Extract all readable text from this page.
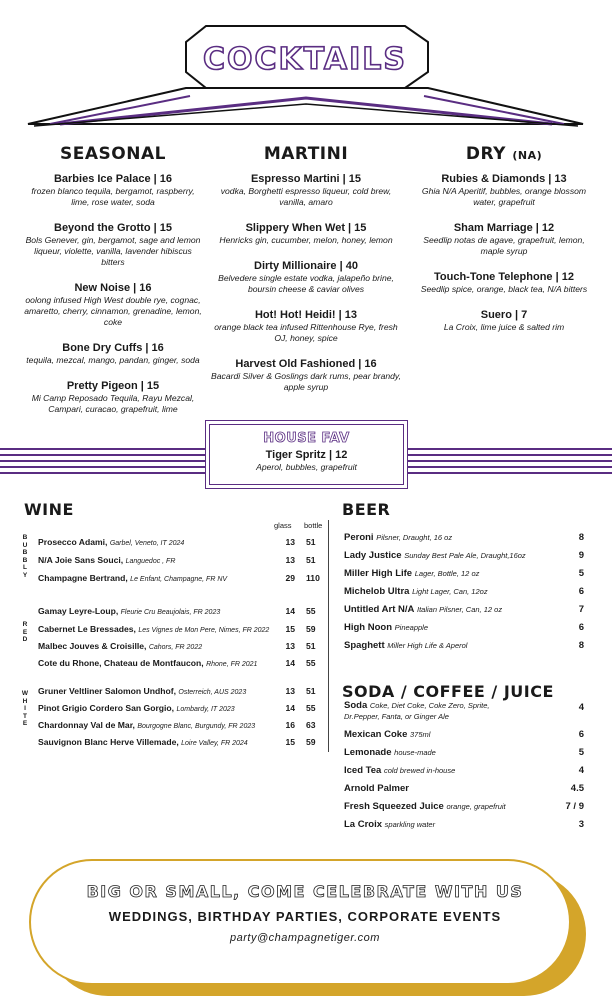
COCKTAILS
SEASONAL
Barbies Ice Palace | 16
frozen blanco tequila, bergamot, raspberry, lime, rose water, soda
Beyond the Grotto | 15
Bols Genever, gin, bergamot, sage and lemon liqueur, violette, vanilla, lavender hibiscus bitters
New Noise | 16
oolong infused High West double rye, cognac, amaretto, cherry, cinnamon, grenadine, lemon, coke
Bone Dry Cuffs | 16
tequila, mezcal, mango, pandan, ginger, soda
Pretty Pigeon | 15
Mi Camp Reposado Tequila, Rayu Mezcal, Campari, curacao, grapefruit, lime
MARTINI
Espresso Martini | 15
vodka, Borghetti espresso liqueur, cold brew, vanilla, amaro
Slippery When Wet | 15
Henricks gin, cucumber, melon, honey, lemon
Dirty Millionaire | 40
Belvedere single estate vodka, jalapeño brine, boursin cheese & caviar olives
Hot! Hot! Heidi! | 13
orange black tea infused Rittenhouse Rye, fresh OJ, honey, spice
Harvest Old Fashioned | 16
Bacardi Silver & Goslings dark rums, pear brandy, apple syrup
DRY (NA)
Rubies & Diamonds | 13
Ghia N/A Aperitif, bubbles, orange blossom water, grapefruit
Sham Marriage | 12
Seedlip notas de agave, grapefruit, lemon, maple syrup
Touch-Tone Telephone | 12
Seedlip spice, orange, black tea, N/A bitters
Suero | 7
La Croix, lime juice & salted rim
HOUSE FAV
Tiger Spritz | 12
Aperol, bubbles, grapefruit
WINE
glass bottle
B
U
B
B
L
Y
R
E
D
W
H
I
T
E
Prosecco Adami, Garbel, Veneto, IT 2024	13 51
N/A Joie Sans Souci, Languedoc , FR	13 51
Champagne Bertrand, Le Enfant, Champagne, FR NV	29 110
Gamay Leyre-Loup, Fleurie Cru Beaujolais, FR 2023	14 55
Cabernet Le Bressades, Les Vignes de Mon Pere, Nimes, FR 2022	15 59
Malbec Jouves & Croisille, Cahors, FR 2022	13 51
Cote du Rhone, Chateau de Montfaucon, Rhone, FR 2021	14 55
Gruner Veltliner Salomon Undhof, Osterreich, AUS 2023	13 51
Pinot Grigio Cordero San Gorgio, Lombardy, IT 2023	14 55
Chardonnay Val de Mar, Bourgogne Blanc, Burgundy, FR 2023	16 63
Sauvignon Blanc Herve Villemade, Loire Valley, FR 2024	15 59
BEER
Peroni Pilsner, Draught, 16 oz	8
Lady Justice Sunday Best Pale Ale, Draught,16oz	9
Miller High Life Lager, Bottle, 12 oz	5
Michelob Ultra Light Lager, Can, 12oz	6
Untitled Art N/A Italian Pilsner, Can, 12 oz	7
High Noon Pineapple	6
Spaghett Miller High Life & Aperol	8
SODA / COFFEE / JUICE
Soda Coke, Diet Coke, Coke Zero, Sprite,
Dr.Pepper, Fanta, or Ginger Ale
4
Mexican Coke 375ml	6
Lemonade house-made	5
Iced Tea cold brewed in-house	4
Arnold Palmer	4.5
Fresh Squeezed Juice orange, grapefruit	7 / 9
La Croix sparkling water	3
BIG OR SMALL, COME CELEBRATE WITH US
WEDDINGS, BIRTHDAY PARTIES, CORPORATE EVENTS
party@champagnetiger.com
